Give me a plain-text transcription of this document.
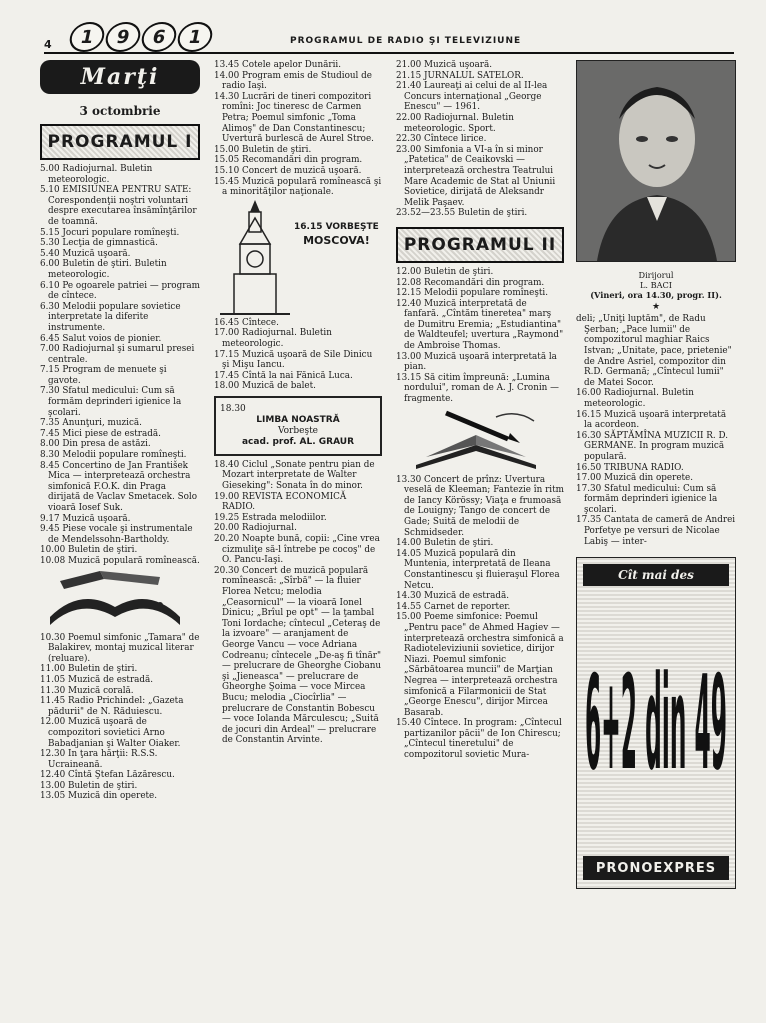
4	1	9	6	1	PROGRAMUL DE RADIO ŞI TELEVIZIUNE
Marţi
3 octombrie
PROGRAMUL I

5.00 Radiojurnal. Buletin meteorologic.

5.10 EMISIUNEA PENTRU SATE: Corespondenţii noştri voluntari despre executarea însămînţărilor de toamnă.

5.15 Jocuri populare romîneşti.

5.30 Lecţia de gimnastică.

5.40 Muzică uşoară.

6.00 Buletin de ştiri. Buletin meteorologic.

6.10 Pe ogoarele patriei — program de cîntece.

6.30 Melodii populare sovietice interpretate la diferite instrumente.

6.45 Salut voios de pionier.

7.00 Radiojurnal şi sumarul presei centrale.

7.15 Program de menuete şi gavote.

7.30 Sfatul medicului: Cum să formăm deprinderi igienice la şcolari.

7.35 Anunţuri, muzică.

7.45 Mici piese de estradă.

8.00 Din presa de astăzi.

8.30 Melodii populare romîneşti.

8.45 Concertino de Jan František Mica — interpretează orchestra simfonică F.O.K. din Praga dirijată de Vaclav Smetacek. Solo vioară Iosef Suk.

9.17 Muzică uşoară.

9.45 Piese vocale şi instrumentale de Mendelssohn-Bartholdy.

10.00 Buletin de ştiri.

10.08 Muzică populară romînească.

10.30 Poemul simfonic „Tamara" de Balakirev, montaj muzical literar (reluare).

11.00 Buletin de ştiri.

11.05 Muzică de estradă.

11.30 Muzică corală.

11.45 Radio Prichindel: „Gazeta pădurii" de N. Răduiescu.

12.00 Muzică uşoară de compozitori sovietici Arno Babadjanian şi Walter Oiaker.

12.30 In ţara hărţii: R.S.S. Ucraineană.

12.40 Cîntă Ştefan Lăzărescu.

13.00 Buletin de ştiri.

13.05 Muzică din operete.

13.45 Cotele apelor Dunării.

14.00 Program emis de Studioul de radio Iaşi.

14.30 Lucrări de tineri compozitori romîni: Joc tineresc de Carmen Petra; Poemul simfonic „Toma Alimoş" de Dan Constantinescu; Uvertură burlescă de Aurel Stroe.

15.00 Buletin de ştiri.

15.05 Recomandări din program.

15.10 Concert de muzică uşoară.

15.45 Muzică populară romînească şi a minorităţilor naţionale.

16.15 VORBEŞTE
MOSCOVA!

16.45 Cîntece.

17.00 Radiojurnal. Buletin meteorologic.

17.15 Muzică uşoară de Sile Dinicu şi Mişu Iancu.

17.45 Cîntă la nai Fănică Luca.

18.00 Muzică de balet.

18.30
LIMBA NOASTRĂ
Vorbeşte
acad. prof. AL. GRAUR

18.40 Ciclul „Sonate pentru pian de Mozart interpretate de Walter Gieseking": Sonata în do minor.

19.00 REVISTA ECONOMICĂ RADIO.

19.25 Estrada melodiilor.

20.00 Radiojurnal.

20.20 Noapte bună, copii: „Cine vrea cizmuliţe să-l întrebe pe cocoş" de O. Pancu-Iaşi.

20.30 Concert de muzică populară romînească: „Sîrbă" — la fluier Florea Netcu; melodia „Ceasornicul" — la vioară Ionel Dinicu; „Brîul pe opt" — la ţambal Toni Iordache; cîntecul „Ceteraş de la izvoare" — aranjament de George Vancu — voce Adriana Codreanu; cîntecele „De-aş fi tînăr" — prelucrare de Gheorghe Ciobanu şi „Jieneasca" — prelucrare de Gheorghe Şoima — voce Mircea Bucu; melodia „Ciocîrlia" — prelucrare de Constantin Bobescu — voce Iolanda Mărculescu; „Suită de jocuri din Ardeal" — prelucrare de Constantin Arvinte.

21.00 Muzică uşoară.

21.15 JURNALUL SATELOR.

21.40 Laureaţi ai celui de al II-lea Concurs internaţional „George Enescu" — 1961.

22.00 Radiojurnal. Buletin meteorologic. Sport.

22.30 Cîntece lirice.

23.00 Simfonia a VI-a în si minor „Patetica" de Ceaikovski — interpretează orchestra Teatrului Mare Academic de Stat al Uniunii Sovietice, dirijată de Aleksandr Melik Paşaev.

23.52—23.55 Buletin de ştiri.

PROGRAMUL II

12.00 Buletin de ştiri.

12.08 Recomandări din program.

12.15 Melodii populare romîneşti.

12.40 Muzică interpretată de fanfară. „Cîntăm tineretea" marş de Dumitru Eremia; „Estudiantina" de Waldteufel; uvertura „Raymond" de Ambroise Thomas.

13.00 Muzică uşoară interpretată la pian.

13.15 Să citim împreună: „Lumina nordului", roman de A. J. Cronin — fragmente.

13.30 Concert de prînz: Uvertura veselă de Kleeman; Fantezie în ritm de Iancy Körössy; Viaţa e frumoasă de Louigny; Tango de concert de Gade; Suită de melodii de Schmidseder.

14.00 Buletin de ştiri.

14.05 Muzică populară din Muntenia, interpretată de Ileana Constantinescu şi fluieraşul Florea Netcu.

14.30 Muzică de estradă.

14.55 Carnet de reporter.

15.00 Poeme simfonice: Poemul „Pentru pace" de Ahmed Hagiev — interpretează orchestra simfonică a Radioteleviziunii sovietice, dirijor Niazi. Poemul simfonic „Sărbătoarea muncii" de Marţian Negrea — interpretează orchestra simfonică a Filarmonicii de Stat „George Enescu", dirijor Mircea Basarab.

15.40 Cîntece. In program: „Cîntecul partizanilor păcii" de Ion Chirescu; „Cîntecul tineretului" de compozitorul sovietic Mura-

Dirijorul
L. BACI
(Vineri, ora 14.30, progr. II).
★

deli; „Uniţi luptăm", de Radu Şerban; „Pace lumii" de compozitorul maghiar Raics Istvan; „Unitate, pace, prietenie" de Andre Asriel, compozitor din R.D. Germană; „Cîntecul lumii" de Matei Socor.

16.00 Radiojurnal. Buletin meteorologic.

16.15 Muzică uşoară interpretată la acordeon.

16.30 SĂPTĂMÎNA MUZICII R. D. GERMANE. In program muzică populară.

16.50 TRIBUNA RADIO.

17.00 Muzică din operete.

17.30 Sfatul medicului: Cum să formăm deprinderi igienice la şcolari.

17.35 Cantata de cameră de Andrei Porfetye pe versuri de Nicolae Labiş — inter-

Cît mai des
6+2 din 49
PRONOEXPRES
